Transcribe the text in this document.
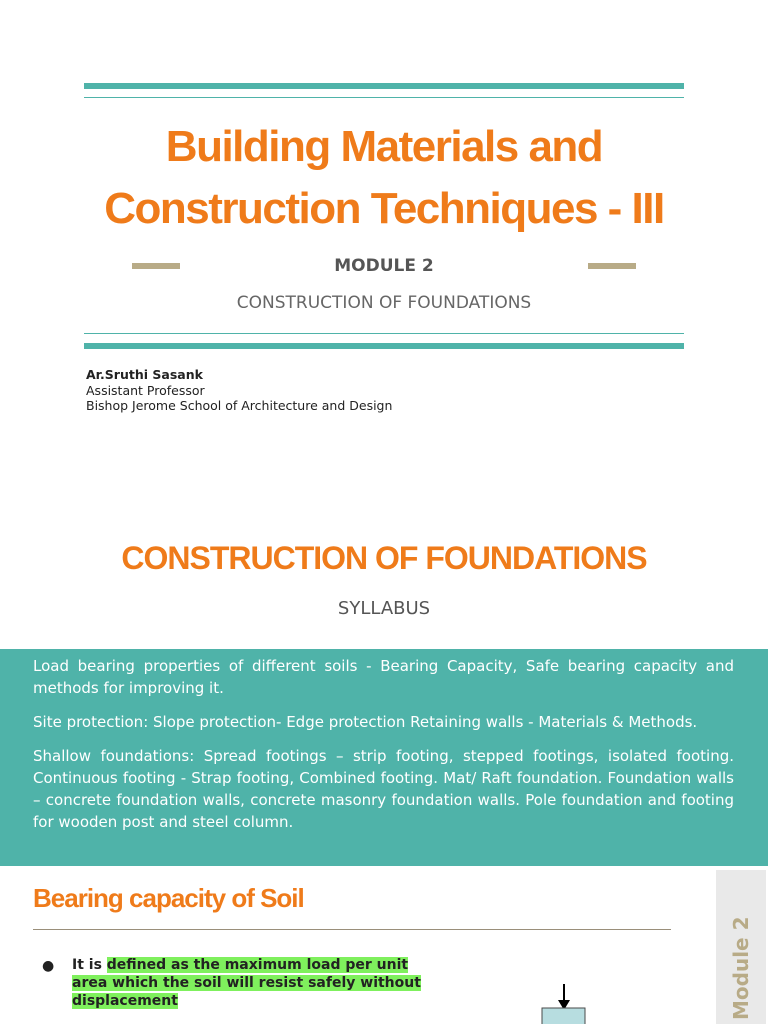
Building Materials and
Construction Techniques - III
MODULE 2
CONSTRUCTION OF FOUNDATIONS
Ar.Sruthi Sasank
Assistant Professor
Bishop Jerome School of Architecture and Design
CONSTRUCTION OF FOUNDATIONS
SYLLABUS

Load bearing properties of different soils - Bearing Capacity, Safe bearing capacity and methods for improving it.

Site protection: Slope protection- Edge protection Retaining walls - Materials & Methods.

Shallow foundations: Spread footings – strip footing, stepped footings, isolated footing. Continuous footing - Strap footing, Combined footing. Mat/ Raft foundation. Foundation walls – concrete foundation walls, concrete masonry foundation walls. Pole foundation and footing for wooden post and steel column.

Bearing capacity of Soil
● It is defined as the maximum load per unit area which the soil will resist safely without displacement	Module 2
